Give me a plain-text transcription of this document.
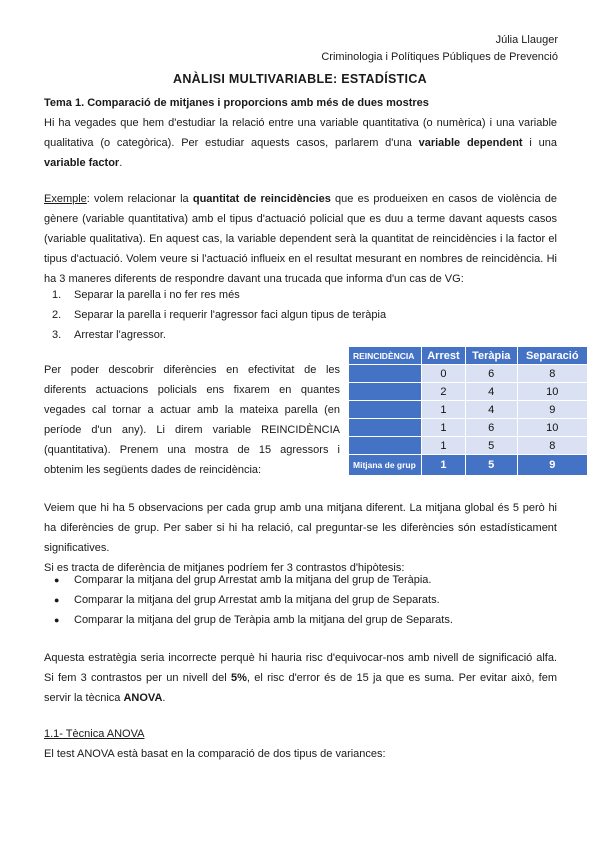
Júlia Llauger
Criminologia i Polítiques Públiques de Prevenció
ANÀLISI MULTIVARIABLE: ESTADÍSTICA
Tema 1. Comparació de mitjanes i proporcions amb més de dues mostres
Hi ha vegades que hem d'estudiar la relació entre una variable quantitativa (o numèrica) i una variable
qualitativa (o categòrica). Per estudiar aquests casos, parlarem d'una variable dependent i una
variable factor.
Exemple: volem relacionar la quantitat de reincidències que es produeixen en casos de violència de
gènere (variable quantitativa) amb el tipus d'actuació policial que es duu a terme davant aquests casos
(variable qualitativa). En aquest cas, la variable dependent serà la quantitat de reincidències i la factor el
tipus d'actuació. Volem veure si l'actuació influeix en el resultat mesurant en nombres de reincidència. Hi
ha 3 maneres diferents de respondre davant una trucada que informa d'un cas de VG:
1. Separar la parella i no fer res més
2. Separar la parella i requerir l'agressor faci algun tipus de teràpia
3. Arrestar l'agressor.
Per poder descobrir diferències en efectivitat de les
diferents actuacions policials ens fixarem en quantes
vegades cal tornar a actuar amb la mateixa parella (en
període d'un any). Li direm variable REINCIDÈNCIA
(quantitativa). Prenem una mostra de 15 agressors i
obtenim les següents dades de reincidència:
REINCIDÈNCIA	Arrest	Teràpia	Separació
	0	6	8
	2	4	10
	1	4	9
	1	6	10
	1	5	8
Mitjana de grup	1	5	9
Veiem que hi ha 5 observacions per cada grup amb una mitjana diferent. La mitjana global és 5 però hi
ha diferències de grup. Per saber si hi ha relació, cal preguntar-se les diferències són estadísticament
significatives.
Si es tracta de diferència de mitjanes podríem fer 3 contrastos d'hipòtesis:
● Comparar la mitjana del grup Arrestat amb la mitjana del grup de Teràpia.
● Comparar la mitjana del grup Arrestat amb la mitjana del grup de Separats.
● Comparar la mitjana del grup de Teràpia amb la mitjana del grup de Separats.
Aquesta estratègia seria incorrecte perquè hi hauria risc d'equivocar-nos amb nivell de significació alfa.
Si fem 3 contrastos per un nivell del 5%, el risc d'error és de 15 ja que es suma. Per evitar això, fem
servir la tècnica ANOVA.
1.1- Tècnica ANOVA
El test ANOVA està basat en la comparació de dos tipus de variances:
